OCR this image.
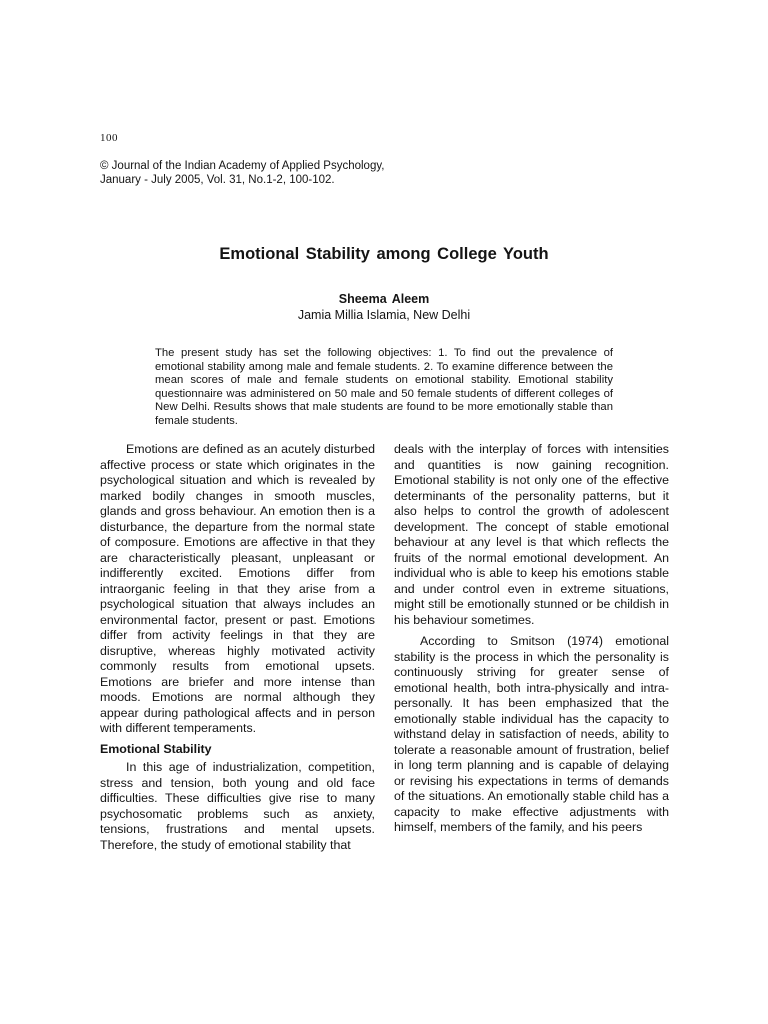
100
© Journal of the Indian Academy of Applied Psychology,
January - July 2005, Vol. 31, No.1-2, 100-102.
Emotional Stability among College Youth
Sheema Aleem
Jamia Millia Islamia, New Delhi

The present study has set the following objectives: 1. To find out the prevalence of emotional stability among male and female students. 2. To examine difference between the mean scores of male and female students on emotional stability. Emotional stability questionnaire was administered on 50 male and 50 female students of different colleges of New Delhi. Results shows that male students are found to be more emotionally stable than female students.

Emotions are defined as an acutely disturbed affective process or state which originates in the psychological situation and which is revealed by marked bodily changes in smooth muscles, glands and gross behaviour. An emotion then is a disturbance, the departure from the normal state of composure. Emotions are affective in that they are characteristically pleasant, unpleasant or indifferently excited. Emotions differ from intraorganic feeling in that they arise from a psychological situation that always includes an environmental factor, present or past. Emotions differ from activity feelings in that they are disruptive, whereas highly motivated activity commonly results from emotional upsets. Emotions are briefer and more intense than moods. Emotions are normal although they appear during pathological affects and in person with different temperaments.

Emotional Stability

In this age of industrialization, competition, stress and tension, both young and old face difficulties. These difficulties give rise to many psychosomatic problems such as anxiety, tensions, frustrations and mental upsets. Therefore, the study of emotional stability that

deals with the interplay of forces with intensities and quantities is now gaining recognition. Emotional stability is not only one of the effective determinants of the personality patterns, but it also helps to control the growth of adolescent development. The concept of stable emotional behaviour at any level is that which reflects the fruits of the normal emotional development. An individual who is able to keep his emotions stable and under control even in extreme situations, might still be emotionally stunned or be childish in his behaviour sometimes.

According to Smitson (1974) emotional stability is the process in which the personality is continuously striving for greater sense of emotional health, both intra-physically and intra-personally. It has been emphasized that the emotionally stable individual has the capacity to withstand delay in satisfaction of needs, ability to tolerate a reasonable amount of frustration, belief in long term planning and is capable of delaying or revising his expectations in terms of demands of the situations. An emotionally stable child has a capacity to make effective adjustments with himself, members of the family, and his peers
